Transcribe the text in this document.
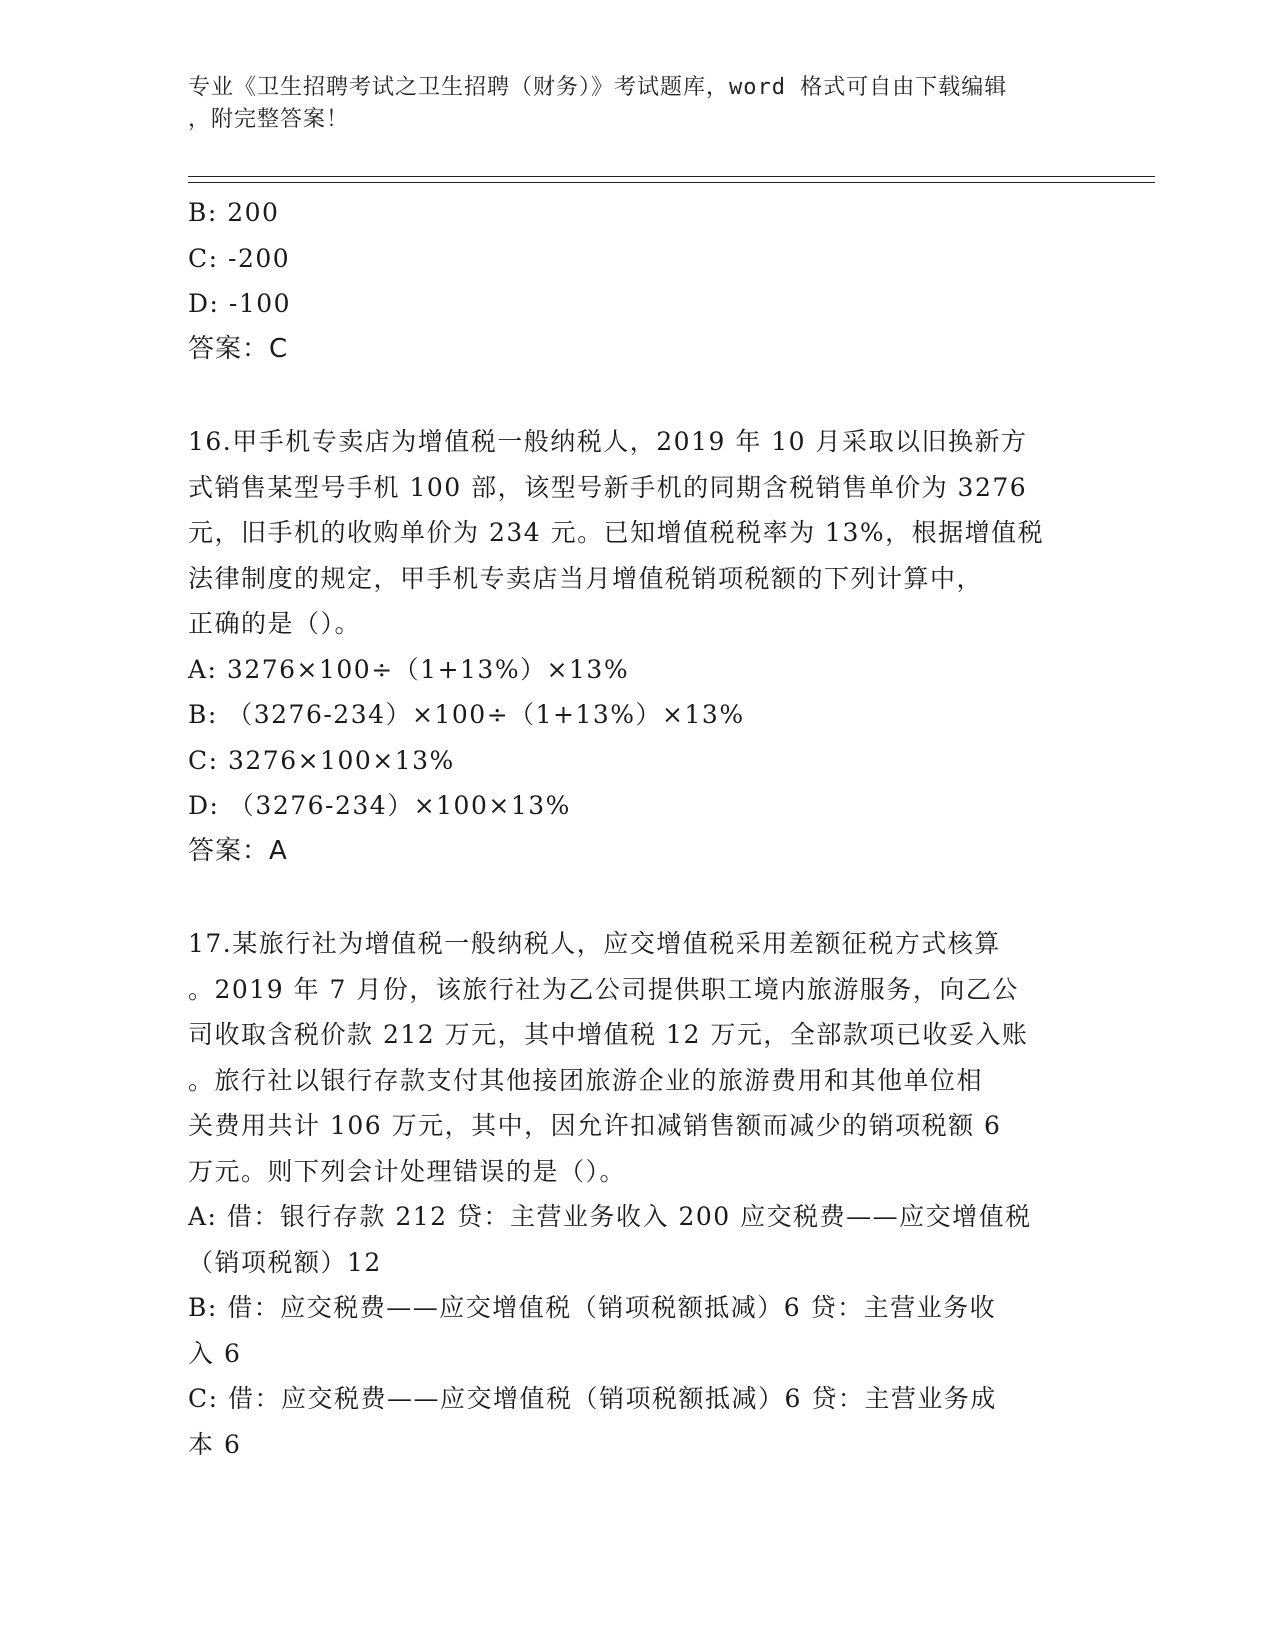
专业《卫生招聘考试之卫生招聘（财务）》考试题库，word 格式可自由下载编辑
，附完整答案！
B: 200
C: -200
D: -100
答案：C
16.甲手机专卖店为增值税一般纳税人，2019 年 10 月采取以旧换新方
式销售某型号手机 100 部，该型号新手机的同期含税销售单价为 3276
元，旧手机的收购单价为 234 元。已知增值税税率为 13%，根据增值税
法律制度的规定，甲手机专卖店当月增值税销项税额的下列计算中，
正确的是（）。
A: 3276×100÷（1+13%）×13%
B: （3276-234）×100÷（1+13%）×13%
C: 3276×100×13%
D: （3276-234）×100×13%
答案：A
17.某旅行社为增值税一般纳税人，应交增值税采用差额征税方式核算
。2019 年 7 月份，该旅行社为乙公司提供职工境内旅游服务，向乙公
司收取含税价款 212 万元，其中增值税 12 万元，全部款项已收妥入账
。旅行社以银行存款支付其他接团旅游企业的旅游费用和其他单位相
关费用共计 106 万元，其中，因允许扣减销售额而减少的销项税额 6
万元。则下列会计处理错误的是（）。
A: 借：银行存款 212 贷：主营业务收入 200 应交税费——应交增值税
（销项税额）12
B: 借：应交税费——应交增值税（销项税额抵减）6 贷：主营业务收
入 6
C: 借：应交税费——应交增值税（销项税额抵减）6 贷：主营业务成
本 6
